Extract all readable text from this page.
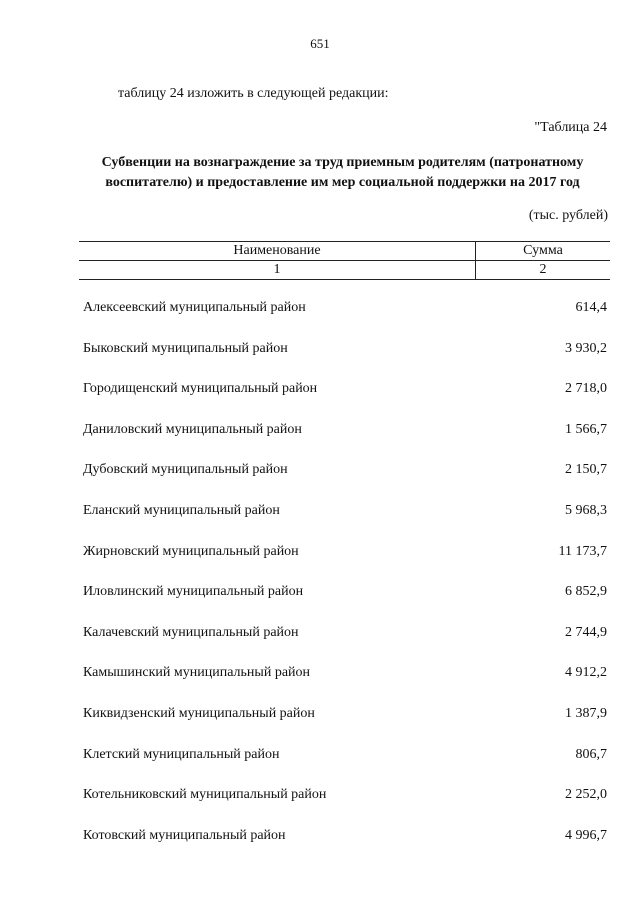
651
таблицу 24 изложить в следующей редакции:
"Таблица 24
Субвенции на вознаграждение за труд приемным родителям (патронатному
воспитателю) и предоставление им мер социальной поддержки на 2017 год
(тыс. рублей)
Наименование	Сумма
1	2
Алексеевский муниципальный район	614,4
Быковский муниципальный район	3 930,2
Городищенский муниципальный район	2 718,0
Даниловский муниципальный район	1 566,7
Дубовский муниципальный район	2 150,7
Еланский муниципальный район	5 968,3
Жирновский муниципальный район	11 173,7
Иловлинский муниципальный район	6 852,9
Калачевский муниципальный район	2 744,9
Камышинский муниципальный район	4 912,2
Киквидзенский муниципальный район	1 387,9
Клетский муниципальный район	806,7
Котельниковский муниципальный район	2 252,0
Котовский муниципальный район	4 996,7
